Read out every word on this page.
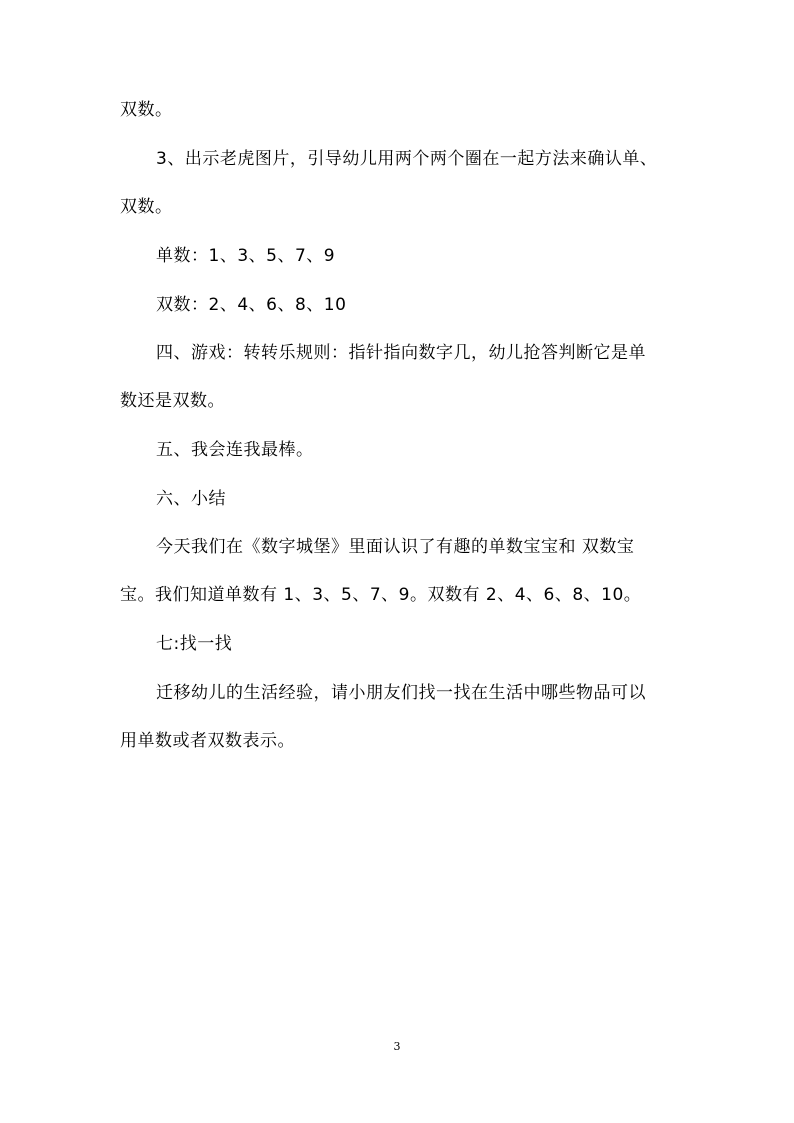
双数。
3、出示老虎图片，引导幼儿用两个两个圈在一起方法来确认单、
双数。
单数：1、3、5、7、9
双数：2、4、6、8、10
四、游戏：转转乐规则：指针指向数字几，幼儿抢答判断它是单
数还是双数。
五、我会连我最棒。
六、小结
今天我们在《数字城堡》里面认识了有趣的单数宝宝和 双数宝
宝。我们知道单数有 1、3、5、7、9。双数有 2、4、6、8、10。
七:找一找
迁移幼儿的生活经验，请小朋友们找一找在生活中哪些物品可以
用单数或者双数表示。
3
